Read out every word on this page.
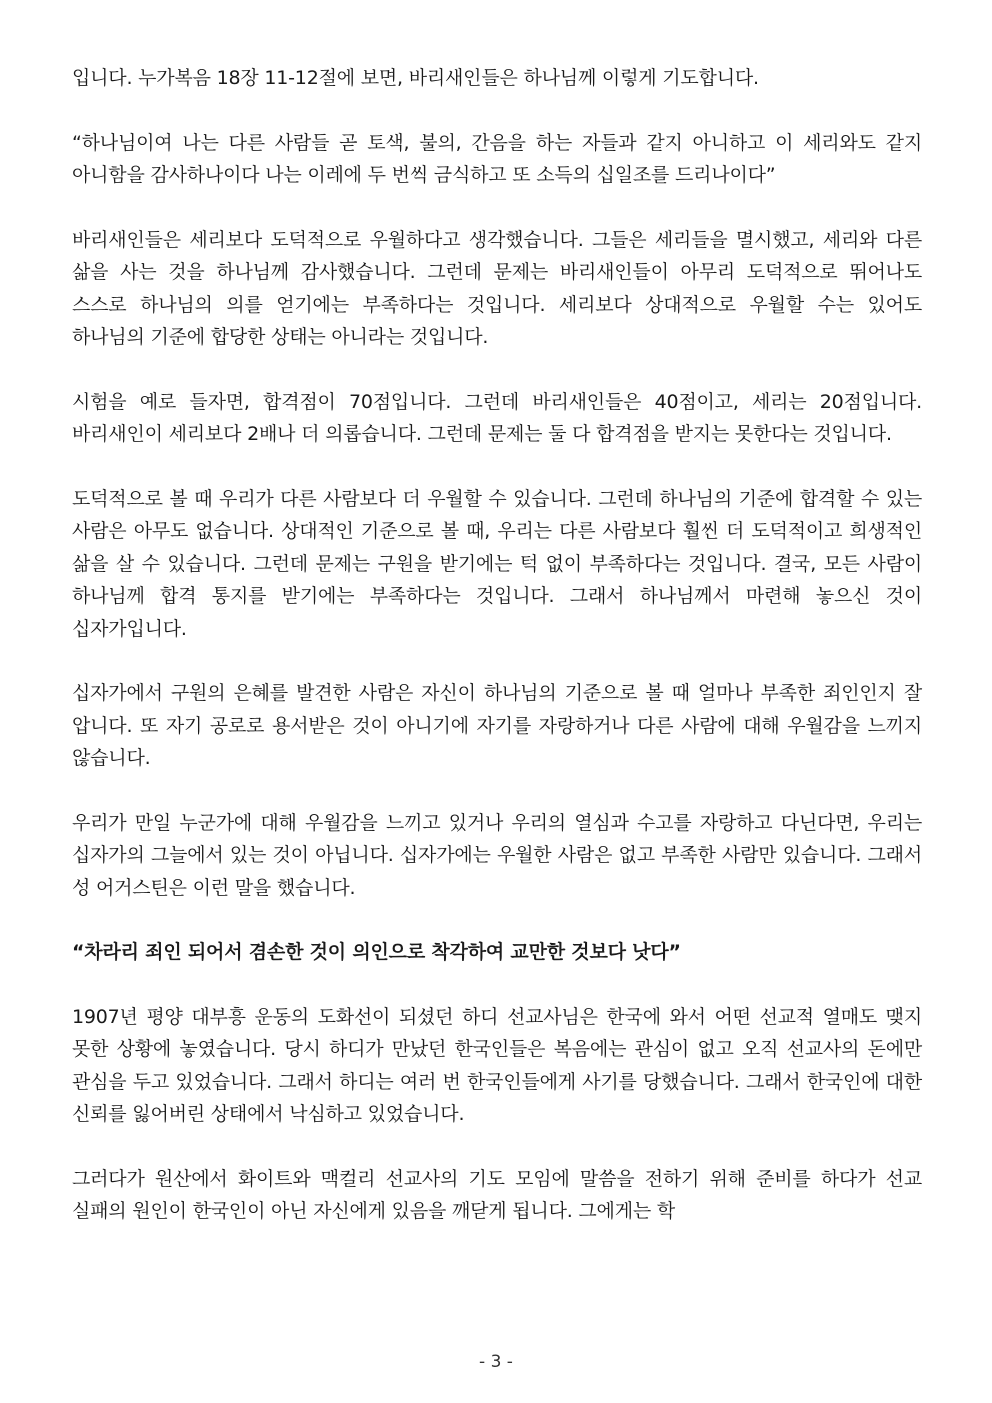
입니다. 누가복음 18장 11-12절에 보면, 바리새인들은 하나님께 이렇게 기도합니다.

“하나님이여 나는 다른 사람들 곧 토색, 불의, 간음을 하는 자들과 같지 아니하고 이 세리와도 같지 아니함을 감사하나이다 나는 이레에 두 번씩 금식하고 또 소득의 십일조를 드리나이다”

바리새인들은 세리보다 도덕적으로 우월하다고 생각했습니다. 그들은 세리들을 멸시했고, 세리와 다른 삶을 사는 것을 하나님께 감사했습니다. 그런데 문제는 바리새인들이 아무리 도덕적으로 뛰어나도 스스로 하나님의 의를 얻기에는 부족하다는 것입니다. 세리보다 상대적으로 우월할 수는 있어도 하나님의 기준에 합당한 상태는 아니라는 것입니다.

시험을 예로 들자면, 합격점이 70점입니다. 그런데 바리새인들은 40점이고, 세리는 20점입니다. 바리새인이 세리보다 2배나 더 의롭습니다. 그런데 문제는 둘 다 합격점을 받지는 못한다는 것입니다.

도덕적으로 볼 때 우리가 다른 사람보다 더 우월할 수 있습니다. 그런데 하나님의 기준에 합격할 수 있는 사람은 아무도 없습니다. 상대적인 기준으로 볼 때, 우리는 다른 사람보다 훨씬 더 도덕적이고 희생적인 삶을 살 수 있습니다. 그런데 문제는 구원을 받기에는 턱 없이 부족하다는 것입니다. 결국, 모든 사람이 하나님께 합격 통지를 받기에는 부족하다는 것입니다. 그래서 하나님께서 마련해 놓으신 것이 십자가입니다.

십자가에서 구원의 은혜를 발견한 사람은 자신이 하나님의 기준으로 볼 때 얼마나 부족한 죄인인지 잘 압니다. 또 자기 공로로 용서받은 것이 아니기에 자기를 자랑하거나 다른 사람에 대해 우월감을 느끼지 않습니다.

우리가 만일 누군가에 대해 우월감을 느끼고 있거나 우리의 열심과 수고를 자랑하고 다닌다면, 우리는 십자가의 그늘에서 있는 것이 아닙니다. 십자가에는 우월한 사람은 없고 부족한 사람만 있습니다. 그래서 성 어거스틴은 이런 말을 했습니다.

“차라리 죄인 되어서 겸손한 것이 의인으로 착각하여 교만한 것보다 낫다”

1907년 평양 대부흥 운동의 도화선이 되셨던 하디 선교사님은 한국에 와서 어떤 선교적 열매도 맺지 못한 상황에 놓였습니다. 당시 하디가 만났던 한국인들은 복음에는 관심이 없고 오직 선교사의 돈에만 관심을 두고 있었습니다. 그래서 하디는 여러 번 한국인들에게 사기를 당했습니다. 그래서 한국인에 대한 신뢰를 잃어버린 상태에서 낙심하고 있었습니다.

그러다가 원산에서 화이트와 맥컬리 선교사의 기도 모임에 말씀을 전하기 위해 준비를 하다가 선교 실패의 원인이 한국인이 아닌 자신에게 있음을 깨닫게 됩니다. 그에게는 학

- 3 -
